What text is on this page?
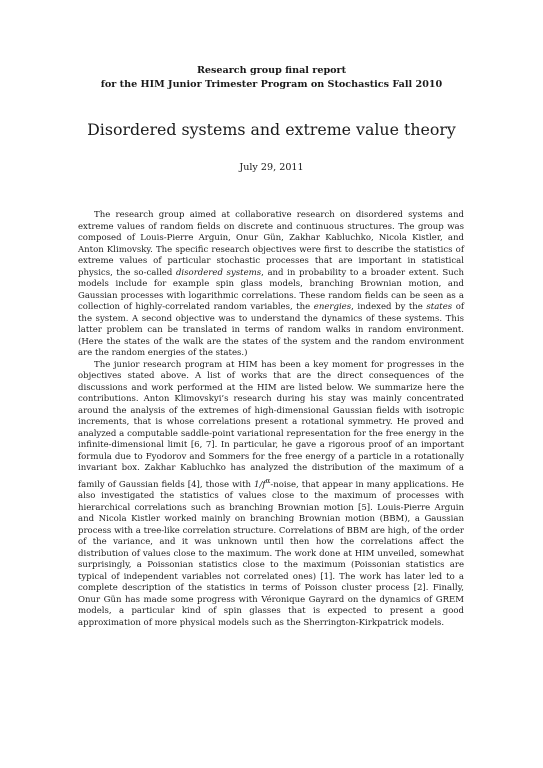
Research group final report
for the HIM Junior Trimester Program on Stochastics Fall 2010
Disordered systems and extreme value theory
July 29, 2011

The research group aimed at collaborative research on disordered systems and extreme values of random fields on discrete and continuous structures. The group was composed of Louis-Pierre Arguin, Onur Gün, Zakhar Kabluchko, Nicola Kistler, and Anton Klimovsky. The specific research objectives were first to describe the statistics of extreme values of particular stochastic processes that are important in statistical physics, the so-called disordered systems, and in probability to a broader extent. Such models include for example spin glass models, branching Brownian motion, and Gaussian processes with logarithmic correlations. These random fields can be seen as a collection of highly-correlated random variables, the energies, indexed by the states of the system. A second objective was to understand the dynamics of these systems. This latter problem can be translated in terms of random walks in random environment. (Here the states of the walk are the states of the system and the random environment are the random energies of the states.)

The junior research program at HIM has been a key moment for progresses in the objectives stated above. A list of works that are the direct consequences of the discussions and work performed at the HIM are listed below. We summarize here the contributions. Anton Klimovskyi’s research during his stay was mainly concentrated around the analysis of the extremes of high-dimensional Gaussian fields with isotropic increments, that is whose correlations present a rotational symmetry. He proved and analyzed a computable saddle-point variational representation for the free energy in the infinite-dimensional limit [6, 7]. In particular, he gave a rigorous proof of an important formula due to Fyodorov and Sommers for the free energy of a particle in a rotationally invariant box. Zakhar Kabluchko has analyzed the distribution of the maximum of a family of Gaussian fields [4], those with $1/f^\alpha$-noise, that appear in many applications. He also investigated the statistics of values close to the maximum of processes with hierarchical correlations such as branching Brownian motion [5]. Louis-Pierre Arguin and Nicola Kistler worked mainly on branching Brownian motion (BBM), a Gaussian process with a tree-like correlation structure. Correlations of BBM are high, of the order of the variance, and it was unknown until then how the correlations affect the distribution of values close to the maximum. The work done at HIM unveiled, somewhat surprisingly, a Poissonian statistics close to the maximum (Poissonian statistics are typical of independent variables not correlated ones) [1]. The work has later led to a complete description of the statistics in terms of Poisson cluster process [2]. Finally, Onur Gün has made some progress with Véronique Gayrard on the dynamics of GREM models, a particular kind of spin glasses that is expected to present a good approximation of more physical models such as the Sherrington-Kirkpatrick models.
